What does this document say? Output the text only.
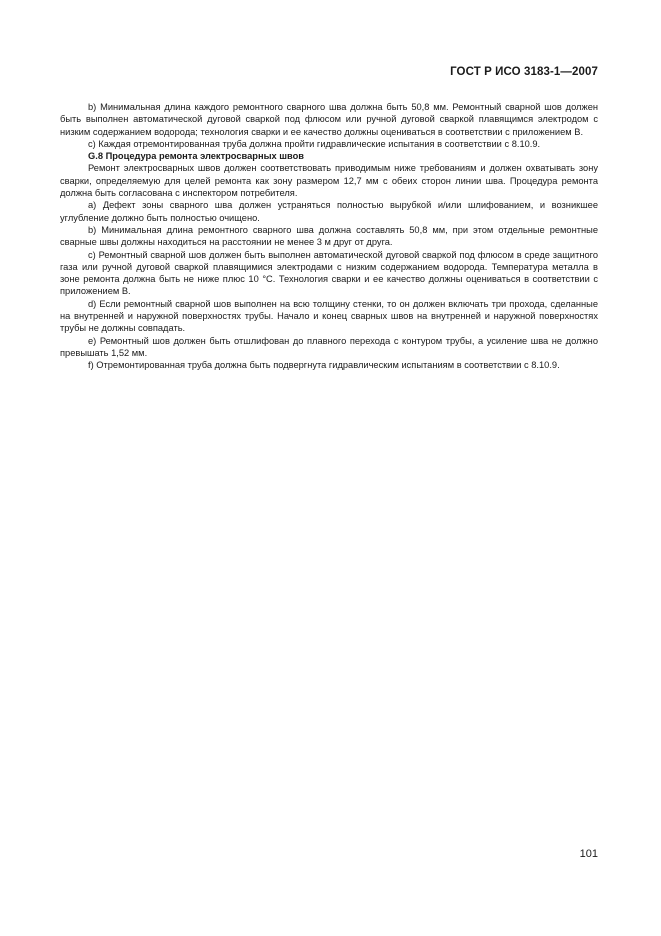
ГОСТ Р ИСО 3183-1—2007

b) Минимальная длина каждого ремонтного сварного шва должна быть 50,8 мм. Ремонтный сварной шов должен быть выполнен автоматической дуговой сваркой под флюсом или ручной дуговой сваркой плавящимся электродом с низким содержанием водорода; технология сварки и ее качество должны оцениваться в соответствии с приложением В.

с) Каждая отремонтированная труба должна пройти гидравлические испытания в соответствии с 8.10.9.

G.8 Процедура ремонта электросварных швов

Ремонт электросварных швов должен соответствовать приводимым ниже требованиям и должен охватывать зону сварки, определяемую для целей ремонта как зону размером 12,7 мм с обеих сторон линии шва. Процедура ремонта должна быть согласована с инспектором потребителя.

а) Дефект зоны сварного шва должен устраняться полностью вырубкой и/или шлифованием, и возникшее углубление должно быть полностью очищено.

b) Минимальная длина ремонтного сварного шва должна составлять 50,8 мм, при этом отдельные ремонтные сварные швы должны находиться на расстоянии не менее 3 м друг от друга.

с) Ремонтный сварной шов должен быть выполнен автоматической дуговой сваркой под флюсом в среде защитного газа или ручной дуговой сваркой плавящимися электродами с низким содержанием водорода. Температура металла в зоне ремонта должна быть не ниже плюс 10 °С. Технология сварки и ее качество должны оцениваться в соответствии с приложением В.

d) Если ремонтный сварной шов выполнен на всю толщину стенки, то он должен включать три прохода, сделанные на внутренней и наружной поверхностях трубы. Начало и конец сварных швов на внутренней и наружной поверхностях трубы не должны совпадать.

е) Ремонтный шов должен быть отшлифован до плавного перехода с контуром трубы, а усиление шва не должно превышать 1,52 мм.

f) Отремонтированная труба должна быть подвергнута гидравлическим испытаниям в соответствии с 8.10.9.

101
